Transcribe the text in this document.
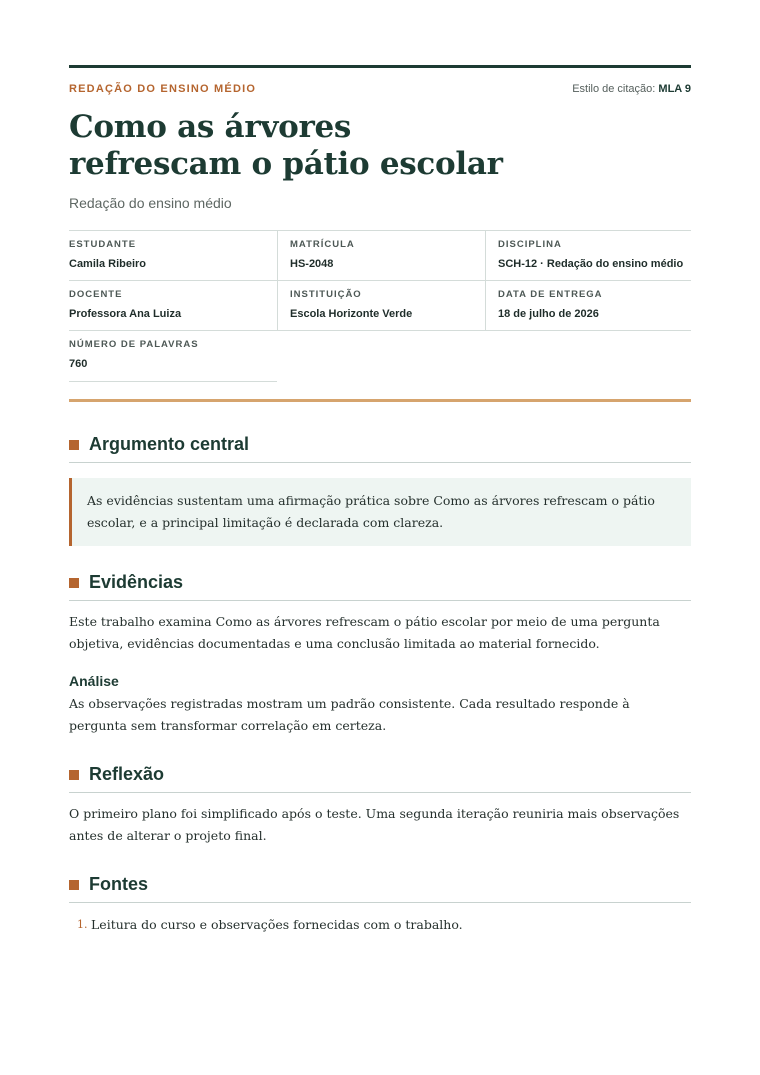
REDAÇÃO DO ENSINO MÉDIO	Estilo de citação: MLA 9
Como as árvores
refrescam o pátio escolar
Redação do ensino médio
ESTUDANTE
Camila Ribeiro
MATRÍCULA
HS-2048
DISCIPLINA
SCH-12 · Redação do ensino médio
DOCENTE
Professora Ana Luiza
INSTITUIÇÃO
Escola Horizonte Verde
DATA DE ENTREGA
18 de julho de 2026
NÚMERO DE PALAVRAS
760
Argumento central
As evidências sustentam uma afirmação prática sobre Como as árvores refrescam o pátio escolar, e a principal limitação é declarada com clareza.
Evidências
Este trabalho examina Como as árvores refrescam o pátio escolar por meio de uma pergunta objetiva, evidências documentadas e uma conclusão limitada ao material fornecido.
Análise
As observações registradas mostram um padrão consistente. Cada resultado responde à pergunta sem transformar correlação em certeza.
Reflexão
O primeiro plano foi simplificado após o teste. Uma segunda iteração reuniria mais observações antes de alterar o projeto final.
Fontes
1. Leitura do curso e observações fornecidas com o trabalho.
